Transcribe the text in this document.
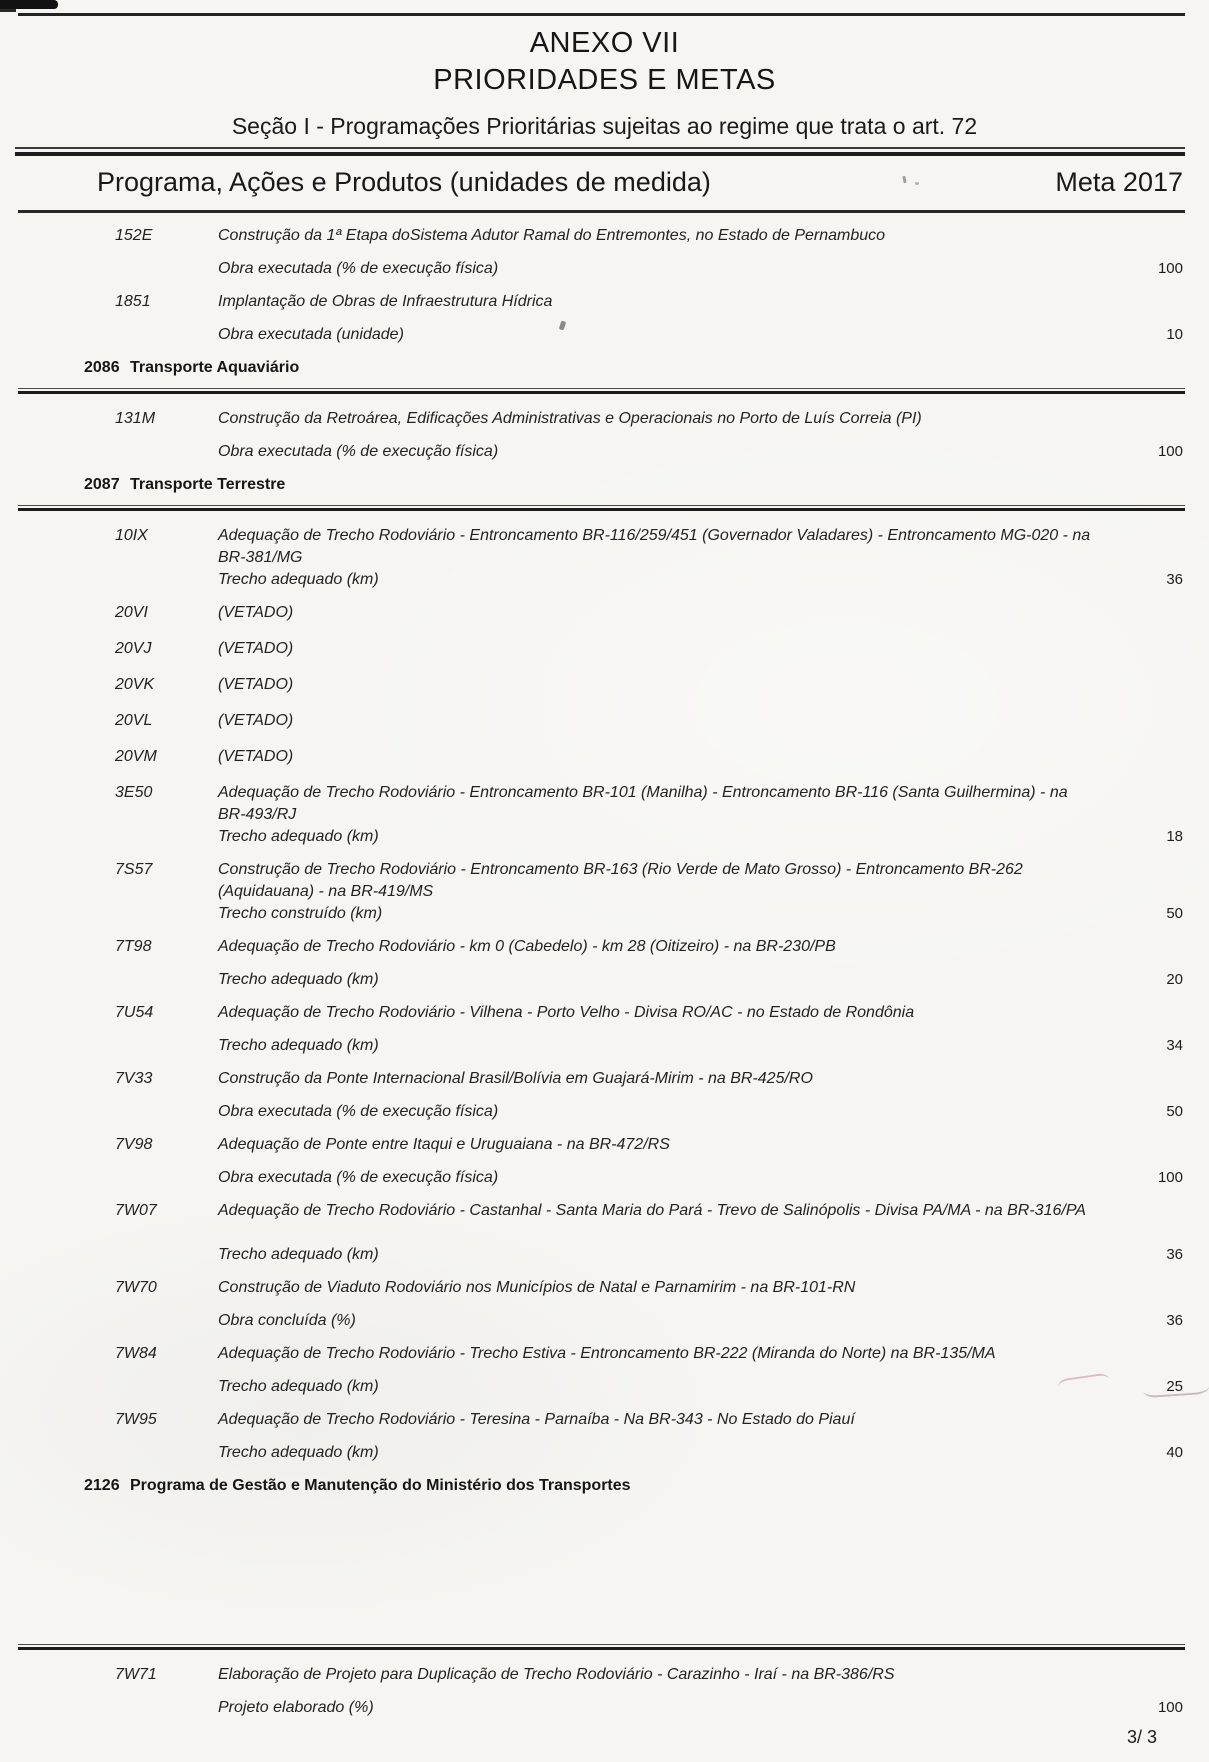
ANEXO VII
PRIORIDADES E METAS
Seção I - Programações Prioritárias sujeitas ao regime que trata o art. 72
Programa, Ações e Produtos (unidades de medida)	Meta 2017
152E	Construção da 1ª Etapa doSistema Adutor Ramal do Entremontes, no Estado de Pernambuco
Obra executada (% de execução física)	100
1851	Implantação de Obras de Infraestrutura Hídrica
Obra executada (unidade)	10
2086 Transporte Aquaviário
131M	Construção da Retroárea, Edificações Administrativas e Operacionais no Porto de Luís Correia (PI)
Obra executada (% de execução física)	100
2087 Transporte Terrestre
10IX	Adequação de Trecho Rodoviário - Entroncamento BR-116/259/451 (Governador Valadares) - Entroncamento MG-020 - na
BR-381/MG
Trecho adequado (km)	36
20VI	(VETADO)
20VJ	(VETADO)
20VK	(VETADO)
20VL	(VETADO)
20VM	(VETADO)
3E50	Adequação de Trecho Rodoviário - Entroncamento BR-101 (Manilha) - Entroncamento BR-116 (Santa Guilhermina) - na
BR-493/RJ
Trecho adequado (km)	18
7S57	Construção de Trecho Rodoviário - Entroncamento BR-163 (Rio Verde de Mato Grosso) - Entroncamento BR-262
(Aquidauana) - na BR-419/MS
Trecho construído (km)	50
7T98	Adequação de Trecho Rodoviário - km 0 (Cabedelo) - km 28 (Oitizeiro) - na BR-230/PB
Trecho adequado (km)	20
7U54	Adequação de Trecho Rodoviário - Vilhena - Porto Velho - Divisa RO/AC - no Estado de Rondônia
Trecho adequado (km)	34
7V33	Construção da Ponte Internacional Brasil/Bolívia em Guajará-Mirim - na BR-425/RO
Obra executada (% de execução física)	50
7V98	Adequação de Ponte entre Itaqui e Uruguaiana - na BR-472/RS
Obra executada (% de execução física)	100
7W07	Adequação de Trecho Rodoviário - Castanhal - Santa Maria do Pará - Trevo de Salinópolis - Divisa PA/MA - na BR-316/PA
Trecho adequado (km)	36
7W70	Construção de Viaduto Rodoviário nos Municípios de Natal e Parnamirim - na BR-101-RN
Obra concluída (%)	36
7W84	Adequação de Trecho Rodoviário - Trecho Estiva - Entroncamento BR-222 (Miranda do Norte) na BR-135/MA
Trecho adequado (km)	25
7W95	Adequação de Trecho Rodoviário - Teresina - Parnaíba - Na BR-343 - No Estado do Piauí
Trecho adequado (km)	40
2126 Programa de Gestão e Manutenção do Ministério dos Transportes
7W71	Elaboração de Projeto para Duplicação de Trecho Rodoviário - Carazinho - Iraí - na BR-386/RS
Projeto elaborado (%)	100
3/ 3
